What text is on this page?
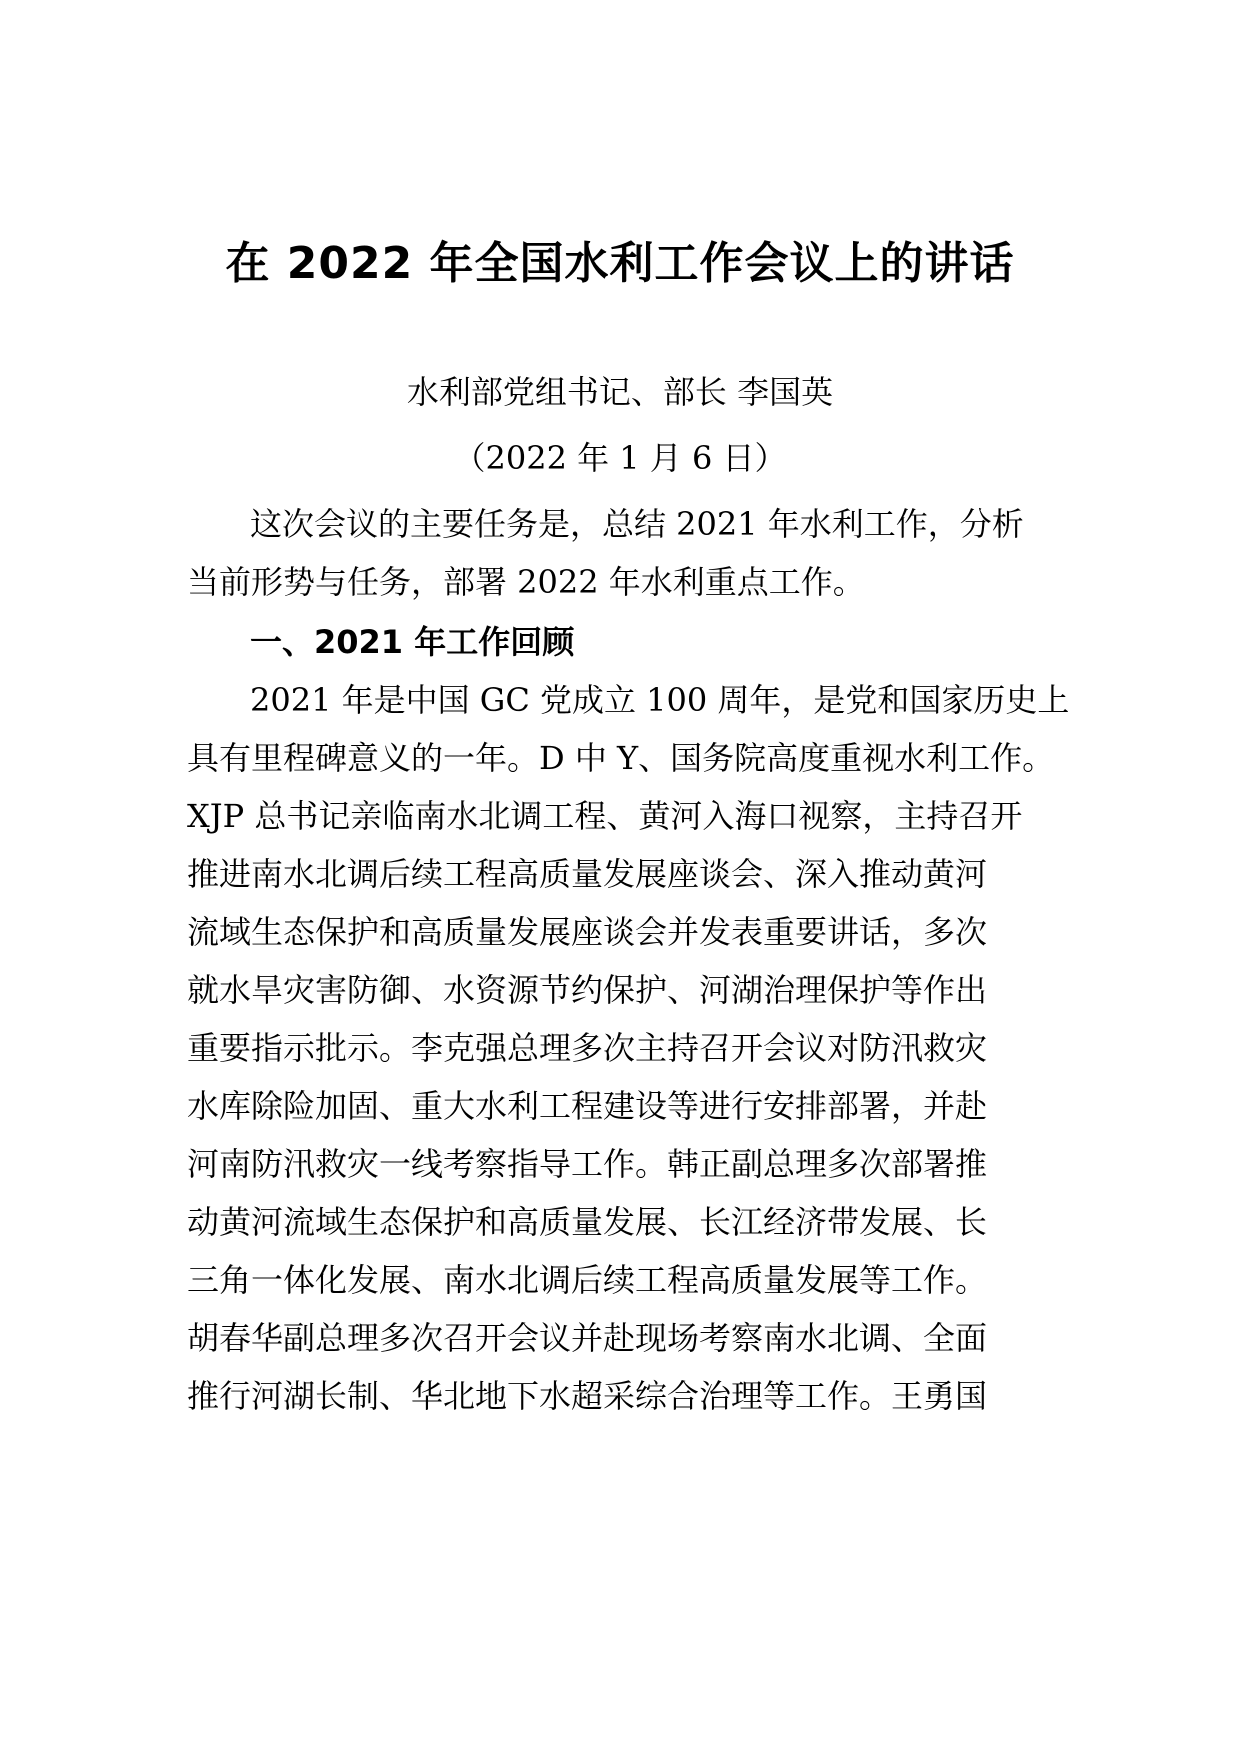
在 2022 年全国水利工作会议上的讲话
水利部党组书记、部长 李国英
（2022 年 1 月 6 日）
这次会议的主要任务是，总结 2021 年水利工作，分析
当前形势与任务，部署 2022 年水利重点工作。
一、2021 年工作回顾
2021 年是中国 GC 党成立 100 周年，是党和国家历史上
具有里程碑意义的一年。D 中 Y、国务院高度重视水利工作。
XJP 总书记亲临南水北调工程、黄河入海口视察，主持召开
推进南水北调后续工程高质量发展座谈会、深入推动黄河
流域生态保护和高质量发展座谈会并发表重要讲话，多次
就水旱灾害防御、水资源节约保护、河湖治理保护等作出
重要指示批示。李克强总理多次主持召开会议对防汛救灾
水库除险加固、重大水利工程建设等进行安排部署，并赴
河南防汛救灾一线考察指导工作。韩正副总理多次部署推
动黄河流域生态保护和高质量发展、长江经济带发展、长
三角一体化发展、南水北调后续工程高质量发展等工作。
胡春华副总理多次召开会议并赴现场考察南水北调、全面
推行河湖长制、华北地下水超采综合治理等工作。王勇国
